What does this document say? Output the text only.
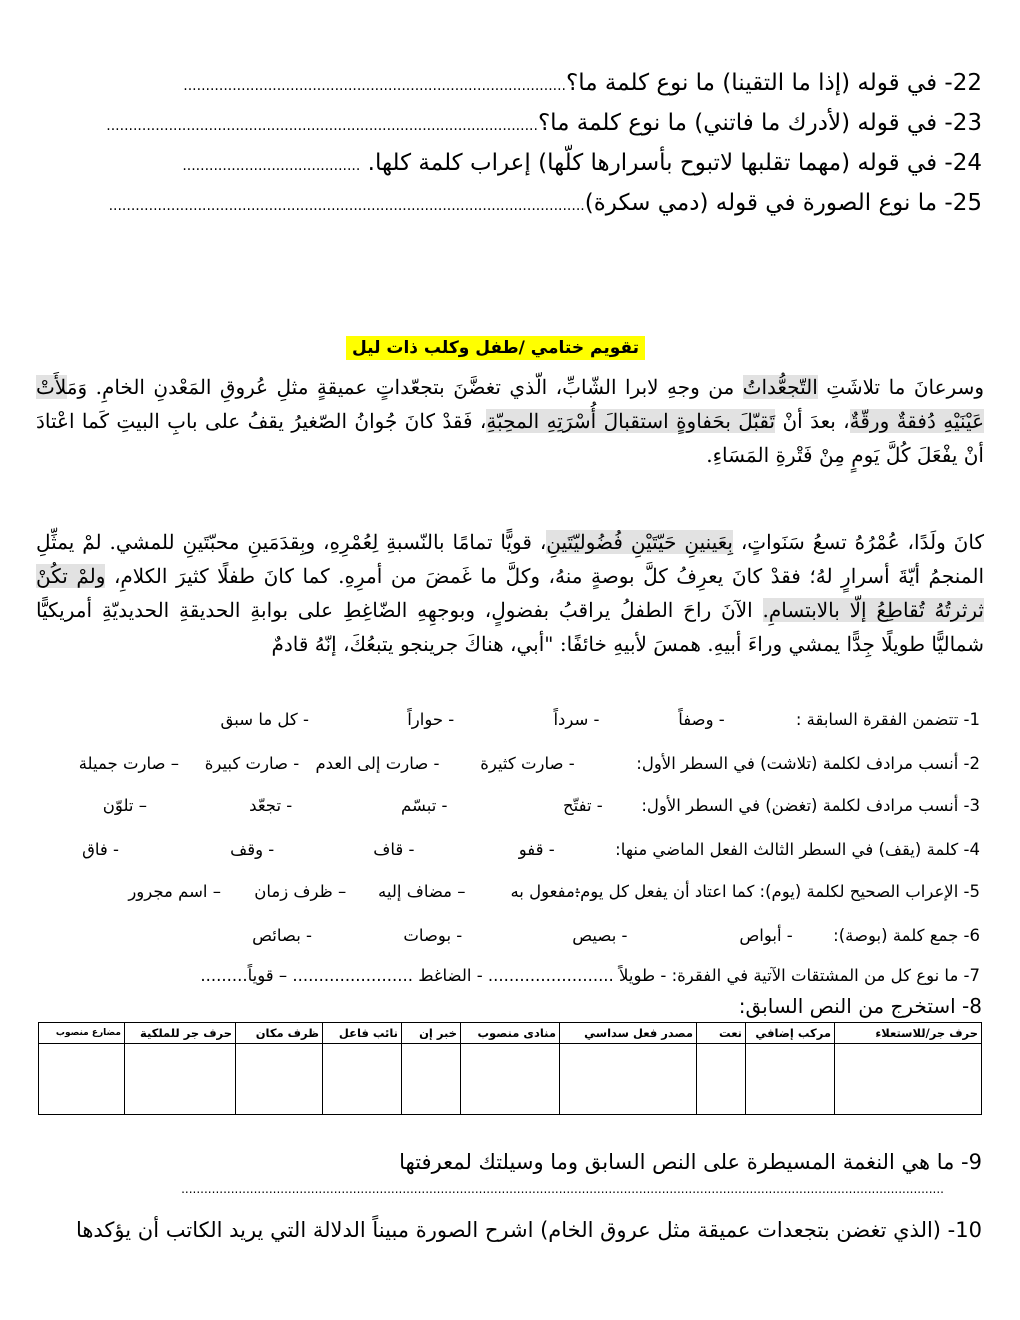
22- في قوله (إذا ما التقينا) ما نوع كلمة ما؟......................................................................................
23- في قوله (لأدرك ما فاتني) ما نوع كلمة ما؟.................................................................................................
24- في قوله (مهما تقلبها لاتبوح بأسرارها كلّها) إعراب كلمة كلها. ........................................
25- ما نوع الصورة في قوله (دمي سكرة)...........................................................................................................
تقويم ختامي /طفل وكلب ذات ليل
وسرعانَ ما تلاشَتِ التّجعُّداتُ من وجهِ لابرا الشّابِّ، الّذي تغضَّنَ بتجعّداتٍ عميقةٍ مثلِ عُروقِ المَعْدنِ الخامِ. وَمَلأَتْ عَيْنَيْهِ دُفقةٌ ورقّةٌ، بعدَ أنْ تَقبّلَ بحَفاوةٍ استقبالَ أُسْرَتِهِ المحِبّةِ، فَقدْ كانَ جُوانُ الصّغيرُ يقفُ على بابِ البيتِ كَما اعْتادَ أنْ يفْعَلَ كُلَّ يَومٍ مِنْ فَتْرةِ المَسَاءِ.
كانَ ولَدًا، عُمْرُهُ تسعُ سَنَواتٍ، بِعَينينِ حَيّتَيْنِ فُضُوليّتَينِ، قويًّا تمامًا بالنّسبةِ لِعُمْرِهِ، وبِقدَمَينِ محبّتَينِ للمشي. لمْ يمثِّلِ المنجمُ أيّةَ أسرارٍ لهُ؛ فقدْ كانَ يعرِفُ كلَّ بوصةٍ منهُ، وكلَّ ما غَمضَ من أمرِهِ. كما كانَ طفلًا كثيرَ الكلامِ، ولمْ تكُنْ ثرثرتُهُ تُقاطِعُ إلّا بالابتسامِ. الآنَ راحَ الطفلُ يراقبُ بفضولٍ، وبوجهِهِ الضّاغِطِ على بوابةِ الحديقةِ الحديديّةِ أمريكيًّا شماليًّا طويلًا جِدًّا يمشي وراءَ أبيهِ. همسَ لأبيهِ خائفًا: "أبي، هناكَ جرينجو يتبعُكَ، إنّهُ قادمٌ
1- تتضمن الفقرة السابقة : - وصفاً - سرداً - حواراً - كل ما سبق
2- أنسب مرادف لكلمة (تلاشت) في السطر الأول: - صارت كثيرة - صارت إلى العدم - صارت كبيرة – صارت جميلة
3- أنسب مرادف لكلمة (تغضن) في السطر الأول: - تفتّح - تبسّم - تجعّد – تلوّن
4- كلمة (يقف) في السطر الثالث الفعل الماضي منها: - قفو - قاف - وقف - فاق
5- الإعراب الصحيح لكلمة (يوم): كما اعتاد أن يفعل كل يوم: -مفعول به – مضاف إليه – ظرف زمان – اسم مجرور
6- جمع كلمة (بوصة): - أبواص - بصيص - بوصات - بصائص
7- ما نوع كل من المشتقات الآتية في الفقرة: - طويلاً ........................ - الضاغط ....................... – قوياً.........
8- استخرج من النص السابق:
حرف جر/للاستعلاء	مركب إضافي	نعت	مصدر فعل سداسي	منادى منصوب	خبر إن	نائب فاعل	ظرف مكان	حرف جر للملكية	مضارع منصوب

9- ما هي النغمة المسيطرة على النص السابق وما وسيلتك لمعرفتها
........................................................................................................................................................................................................
10- (الذي تغضن بتجعدات عميقة مثل عروق الخام) اشرح الصورة مبيناً الدلالة التي يريد الكاتب أن يؤكدها
